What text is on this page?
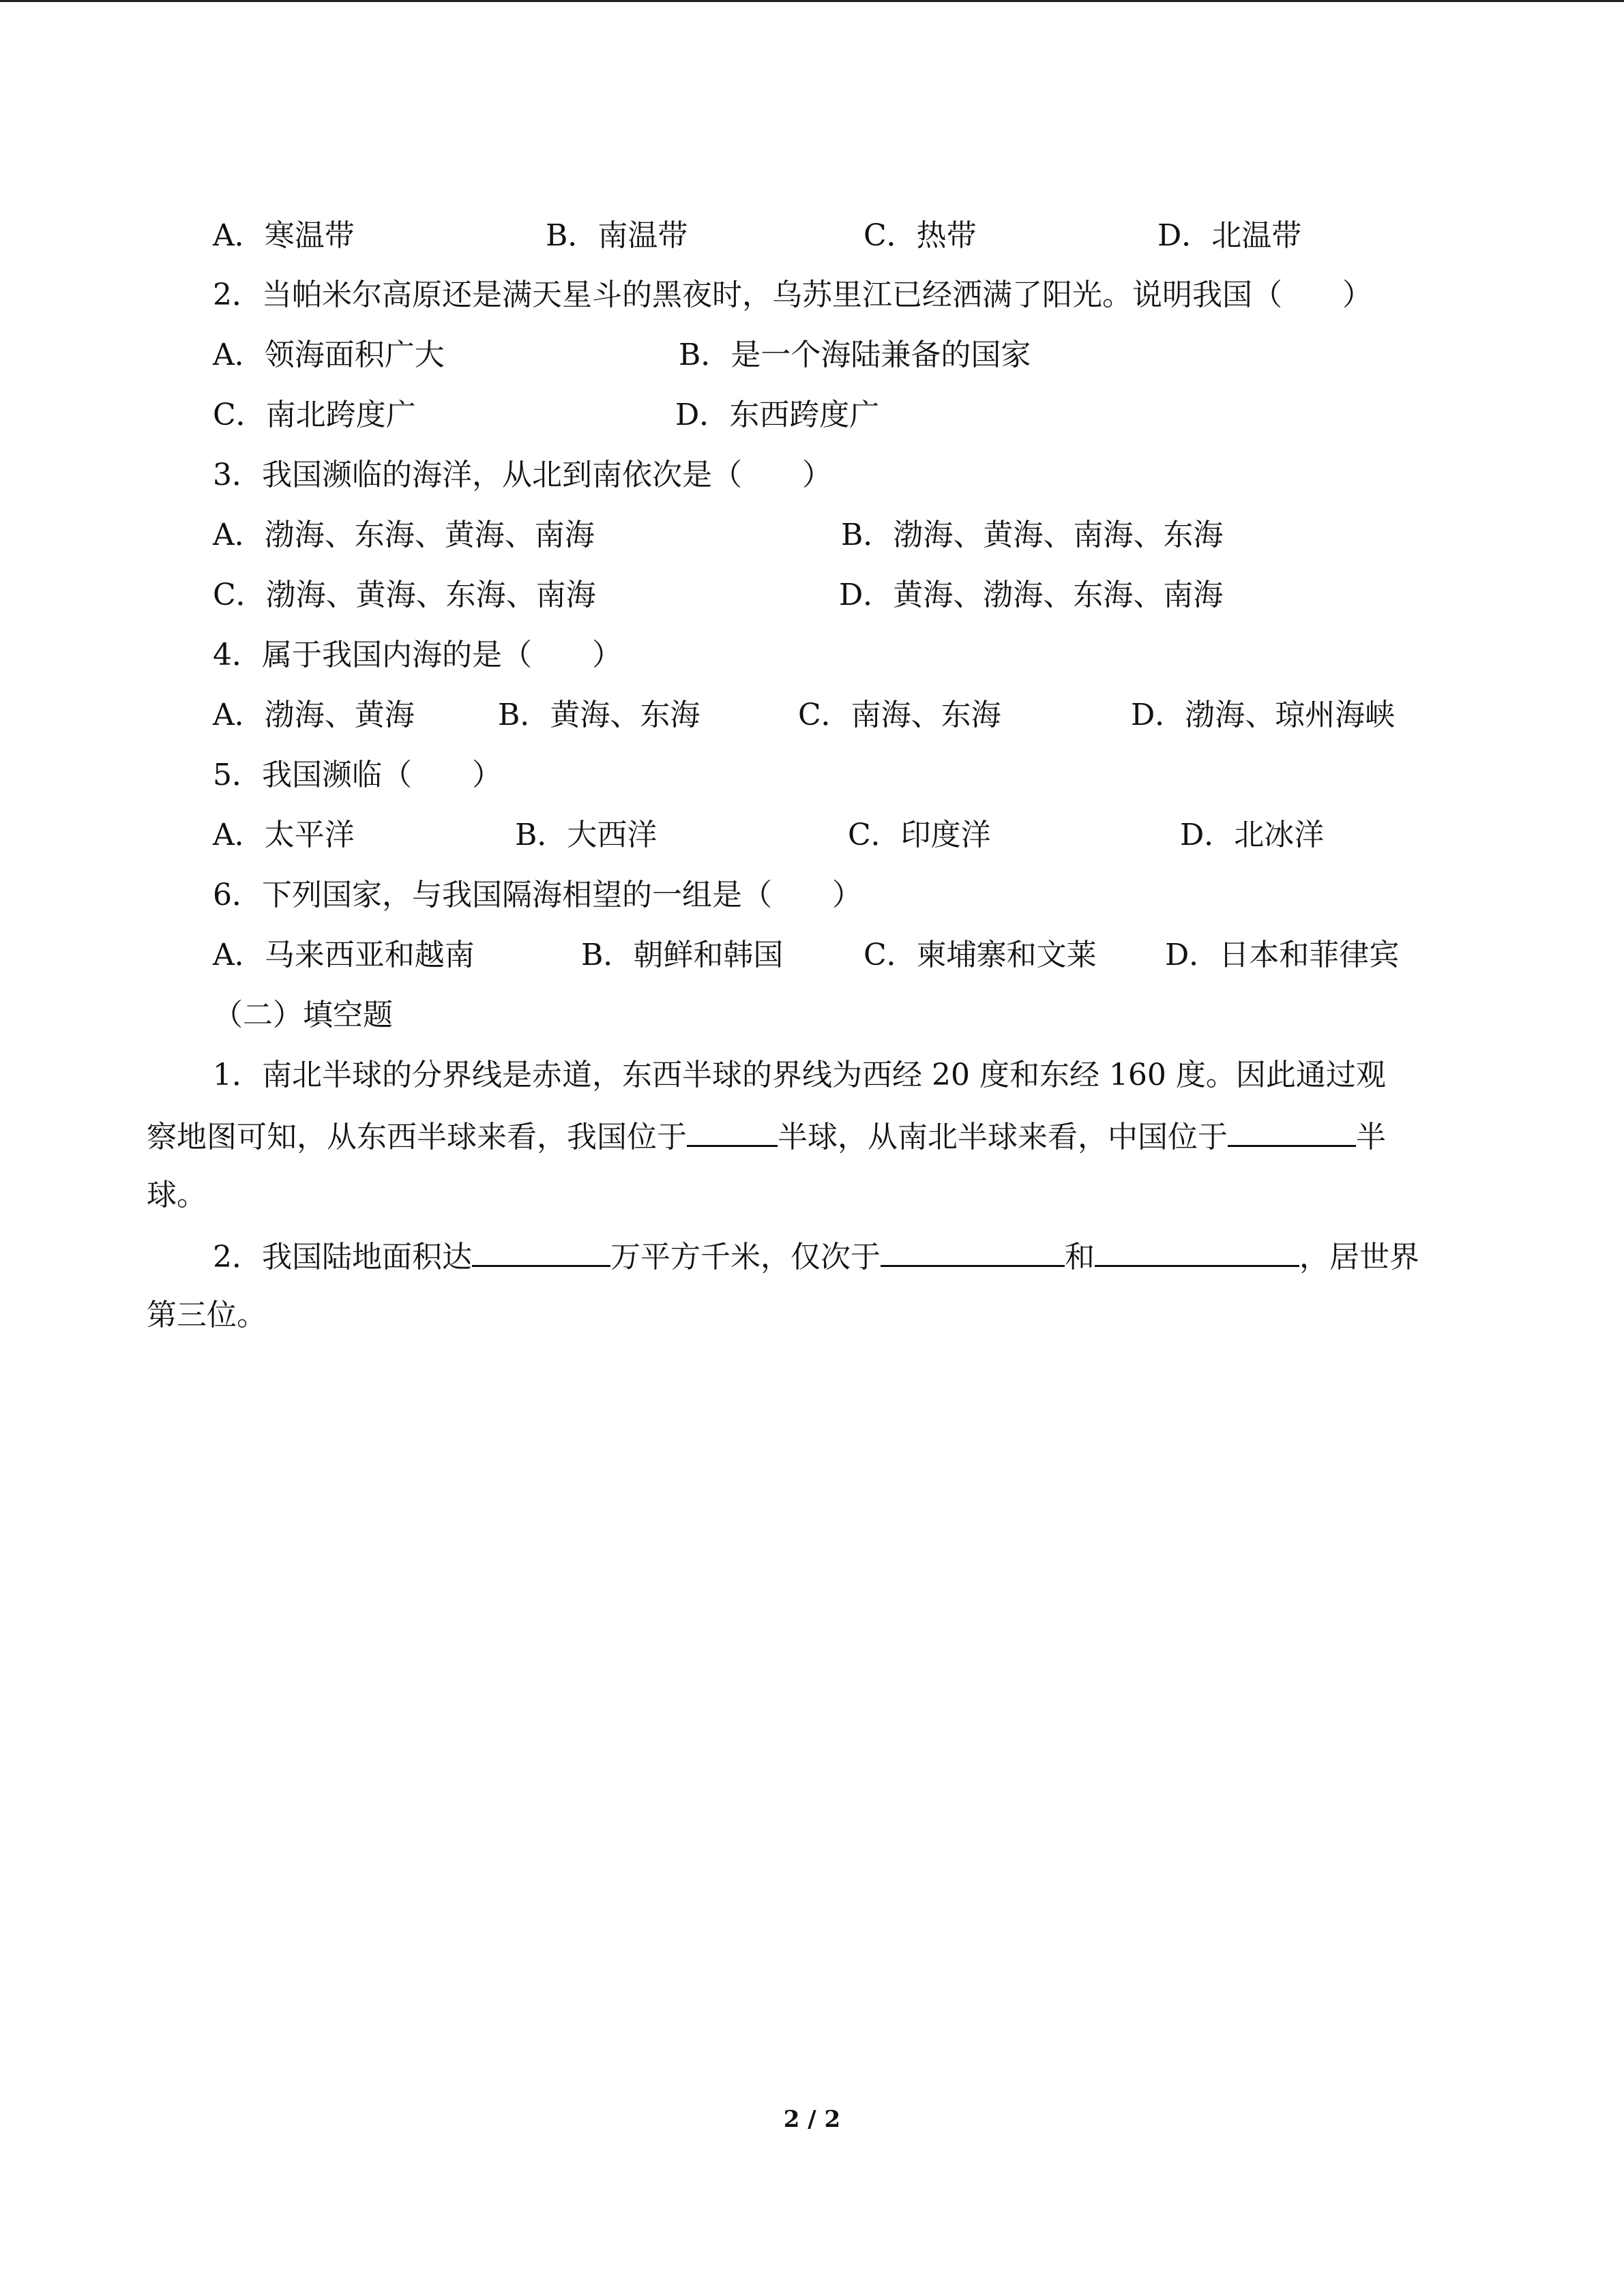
A．寒温带	B．南温带	C．热带	D．北温带
2．当帕米尔高原还是满天星斗的黑夜时，乌苏里江已经洒满了阳光。说明我国（　　）
A．领海面积广大	B．是一个海陆兼备的国家
C．南北跨度广	D．东西跨度广
3．我国濒临的海洋，从北到南依次是（　　）
A．渤海、东海、黄海、南海	B．渤海、黄海、南海、东海
C．渤海、黄海、东海、南海	D．黄海、渤海、东海、南海
4．属于我国内海的是（　　）
A．渤海、黄海	B．黄海、东海	C．南海、东海	D．渤海、琼州海峡
5．我国濒临（　　）
A．太平洋	B．大西洋	C．印度洋	D．北冰洋
6．下列国家，与我国隔海相望的一组是（　　）
A．马来西亚和越南	B．朝鲜和韩国	C．柬埔寨和文莱 D．日本和菲律宾
（二）填空题
1．南北半球的分界线是赤道，东西半球的界线为西经 20 度和东经 160 度。因此通过观
察地图可知，从东西半球来看，我国位于	半球，从南北半球来看，中国位于	半
球。
2．我国陆地面积达	万平方千米，仅次于	和	，居世界
第三位。
2 / 2
